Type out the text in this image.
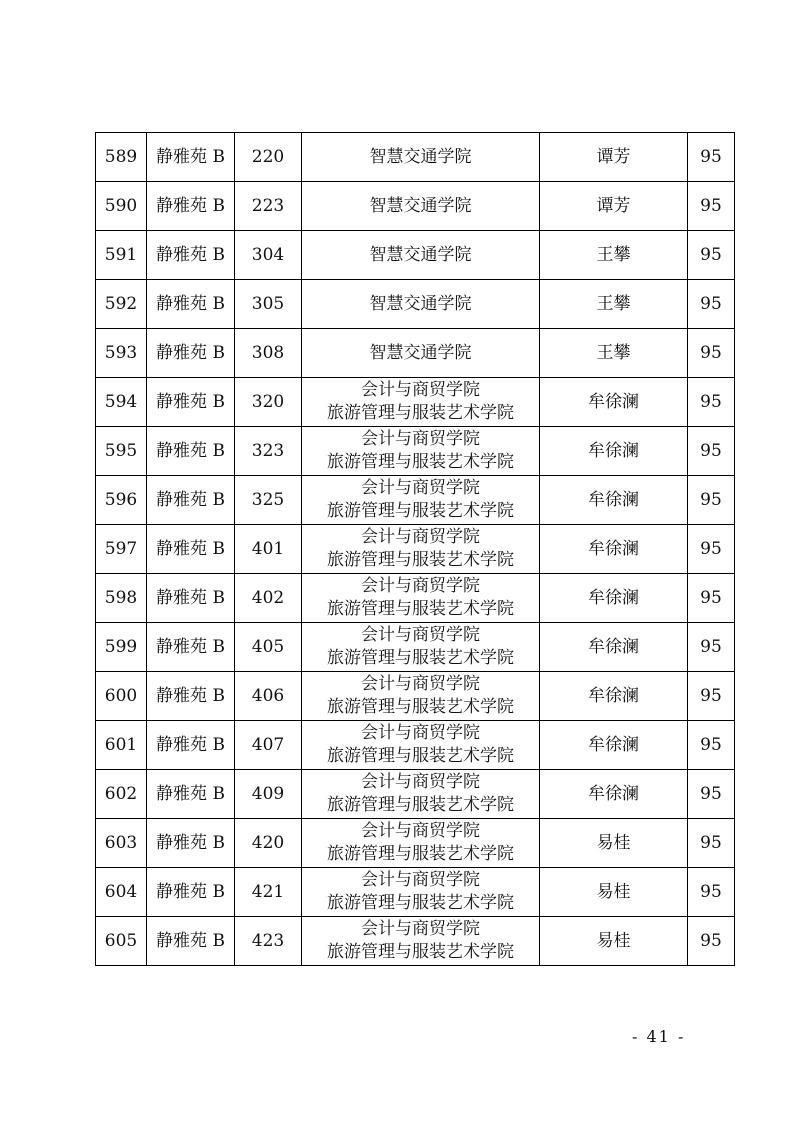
589	静雅苑 B	220	智慧交通学院	谭芳	95
590	静雅苑 B	223	智慧交通学院	谭芳	95
591	静雅苑 B	304	智慧交通学院	王攀	95
592	静雅苑 B	305	智慧交通学院	王攀	95
593	静雅苑 B	308	智慧交通学院	王攀	95
594	静雅苑 B	320	会计与商贸学院
旅游管理与服装艺术学院	牟徐澜	95
595	静雅苑 B	323	会计与商贸学院
旅游管理与服装艺术学院	牟徐澜	95
596	静雅苑 B	325	会计与商贸学院
旅游管理与服装艺术学院	牟徐澜	95
597	静雅苑 B	401	会计与商贸学院
旅游管理与服装艺术学院	牟徐澜	95
598	静雅苑 B	402	会计与商贸学院
旅游管理与服装艺术学院	牟徐澜	95
599	静雅苑 B	405	会计与商贸学院
旅游管理与服装艺术学院	牟徐澜	95
600	静雅苑 B	406	会计与商贸学院
旅游管理与服装艺术学院	牟徐澜	95
601	静雅苑 B	407	会计与商贸学院
旅游管理与服装艺术学院	牟徐澜	95
602	静雅苑 B	409	会计与商贸学院
旅游管理与服装艺术学院	牟徐澜	95
603	静雅苑 B	420	会计与商贸学院
旅游管理与服装艺术学院	易桂	95
604	静雅苑 B	421	会计与商贸学院
旅游管理与服装艺术学院	易桂	95
605	静雅苑 B	423	会计与商贸学院
旅游管理与服装艺术学院	易桂	95
- 41 -
